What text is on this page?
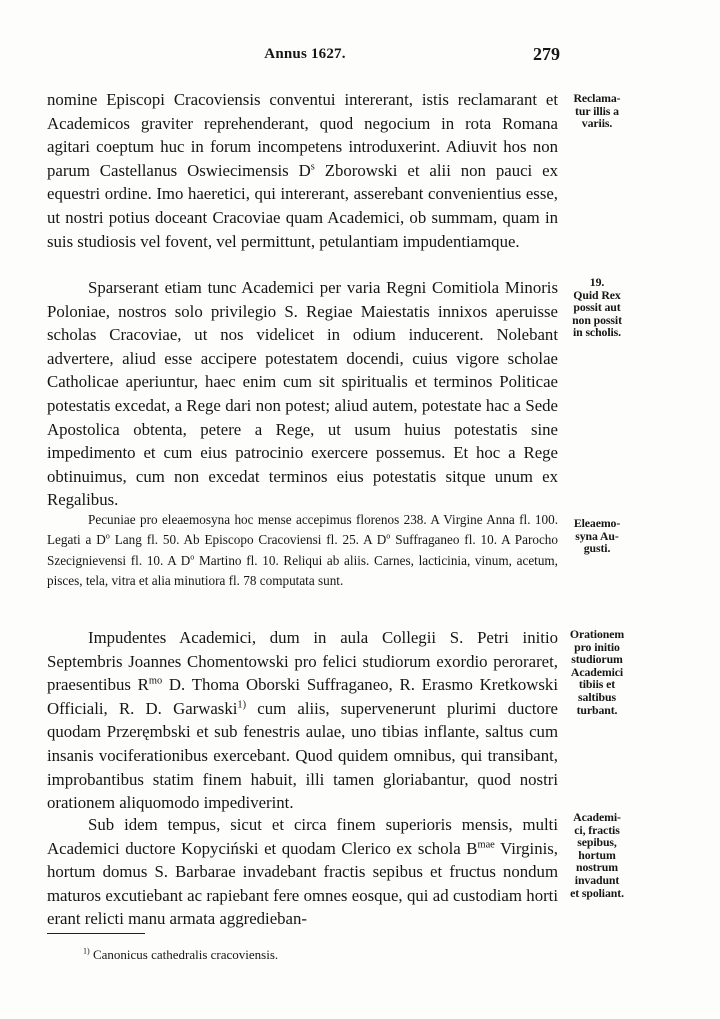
Annus 1627.	279
nomine Episcopi Cracoviensis conventui intererant, istis reclamarant et Academicos graviter reprehenderant, quod negocium in rota Romana agitari coeptum huc in forum incompetens introduxerint. Adiuvit hos non parum Castellanus Oswiecimensis $D^s$ Zborowski et alii non pauci ex equestri ordine. Imo haeretici, qui intererant, asserebant convenientius esse, ut nostri potius doceant Cracoviae quam Academici, ob summam, quam in suis studiosis vel fovent, vel permittunt, petulantiam impudentiamque.
Sparserant etiam tunc Academici per varia Regni Comitiola Minoris Poloniae, nostros solo privilegio S. Regiae Maiestatis innixos aperuisse scholas Cracoviae, ut nos videlicet in odium inducerent. Nolebant advertere, aliud esse accipere potestatem docendi, cuius vigore scholae Catholicae aperiuntur, haec enim cum sit spiritualis et terminos Politicae potestatis excedat, a Rege dari non potest; aliud autem, potestate hac a Sede Apostolica obtenta, petere a Rege, ut usum huius potestatis sine impedimento et cum eius patrocinio exercere possemus. Et hoc a Rege obtinuimus, cum non excedat terminos eius potestatis sitque unum ex Regalibus.
Pecuniae pro eleaemosyna hoc mense accepimus florenos 238. A Virgine Anna fl. 100. Legati a $D^o$ Lang fl. 50. Ab Episcopo Cracoviensi fl. 25. A $D^o$ Suffraganeo fl. 10. A Parocho Szecignievensi fl. 10. A $D^o$ Martino fl. 10. Reliqui ab aliis. Carnes, lacticinia, vinum, acetum, pisces, tela, vitra et alia minutiora fl. 78 computata sunt.
Impudentes Academici, dum in aula Collegii S. Petri initio Septembris Joannes Chomentowski pro felici studiorum exordio peroraret, praesentibus $R^{mo}$ D. Thoma Oborski Suffraganeo, R. Erasmo Kretkowski Officiali, R. D. Garwaski$^{1)}$ cum aliis, supervenerunt plurimi ductore quodam Przeręmbski et sub fenestris aulae, uno tibias inflante, saltus cum insanis vociferationibus exercebant. Quod quidem omnibus, qui transibant, improbantibus statim finem habuit, illi tamen gloriabantur, quod nostri orationem aliquomodo impediverint.
Sub idem tempus, sicut et circa finem superioris mensis, multi Academici ductore Kopyciński et quodam Clerico ex schola $B^{mae}$ Virginis, hortum domus S. Barbarae invadebant fractis sepibus et fructus nondum maturos excutiebant ac rapiebant fere omnes eosque, qui ad custodiam horti erant relicti manu armata aggredieban-
Reclama-
tur illis a
variis.
19.
Quid Rex
possit aut
non possit
in scholis.
Eleaemo-
syna Au-
gusti.
Orationem
pro initio
studiorum
Academici
tibiis et
saltibus
turbant.
Academi-
ci, fractis
sepibus,
hortum
nostrum
invadunt
et spoliant.
$^{1)}$ Canonicus cathedralis cracoviensis.
